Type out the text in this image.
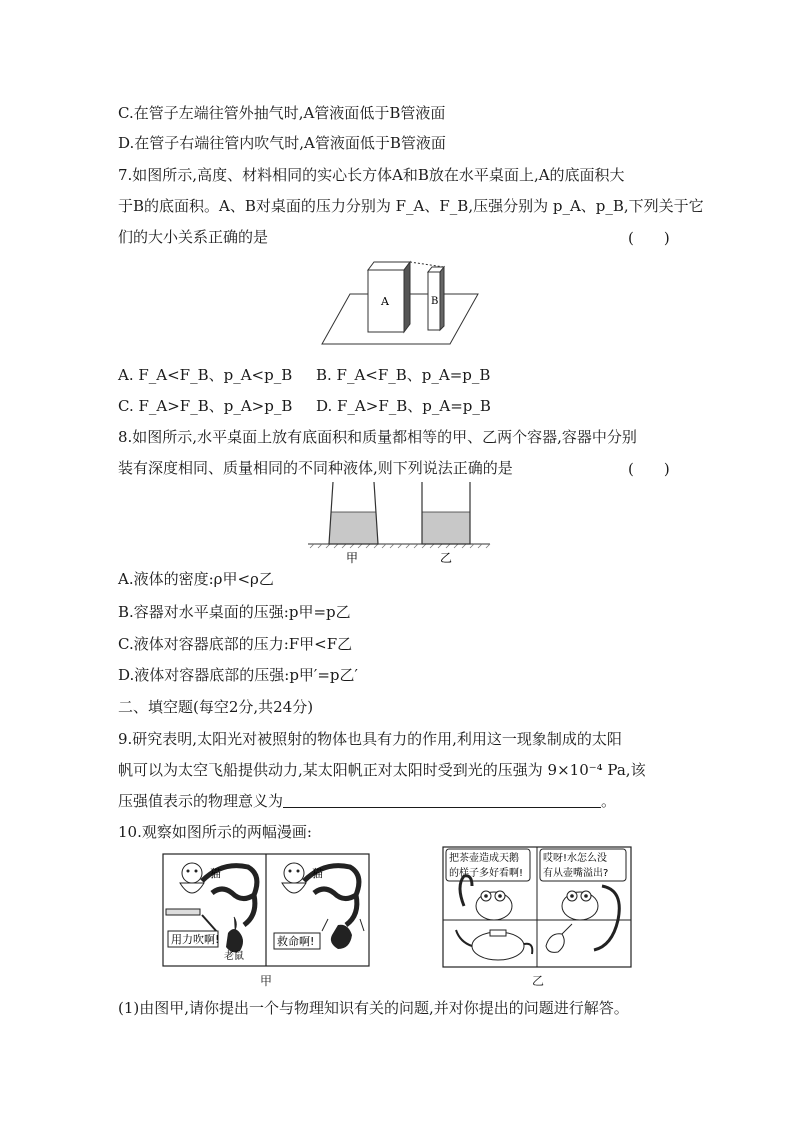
C.在管子左端往管外抽气时,A管液面低于B管液面
D.在管子右端往管内吹气时,A管液面低于B管液面
7.如图所示,高度、材料相同的实心长方体A和B放在水平桌面上,A的底面积大
于B的底面积。A、B对桌面的压力分别为 F_A、F_B,压强分别为 p_A、p_B,下列关于它
们的大小关系正确的是	(　　)
A	B
A. F_A<F_B、p_A<p_B B. F_A<F_B、p_A=p_B
C. F_A>F_B、p_A>p_B D. F_A>F_B、p_A=p_B
8.如图所示,水平桌面上放有底面积和质量都相等的甲、乙两个容器,容器中分别
装有深度相同、质量相同的不同种液体,则下列说法正确的是	(　　)
甲	乙
A.液体的密度:ρ甲<ρ乙
B.容器对水平桌面的压强:p甲=p乙
C.液体对容器底部的压力:F甲<F乙
D.液体对容器底部的压强:p甲′=p乙′
二、填空题(每空2分,共24分)
9.研究表明,太阳光对被照射的物体也具有力的作用,利用这一现象制成的太阳
帆可以为太空飞船提供动力,某太阳帆正对太阳时受到光的压强为 9×10⁻⁴ Pa,该
压强值表示的物理意义为	。
10.观察如图所示的两幅漫画:
猫
用力吹啊!
老鼠
猫
救命啊!
甲
把茶壶造成天鹅
的样子多好看啊!
哎呀!水怎么没
有从壶嘴溢出?
乙
(1)由图甲,请你提出一个与物理知识有关的问题,并对你提出的问题进行解答。
